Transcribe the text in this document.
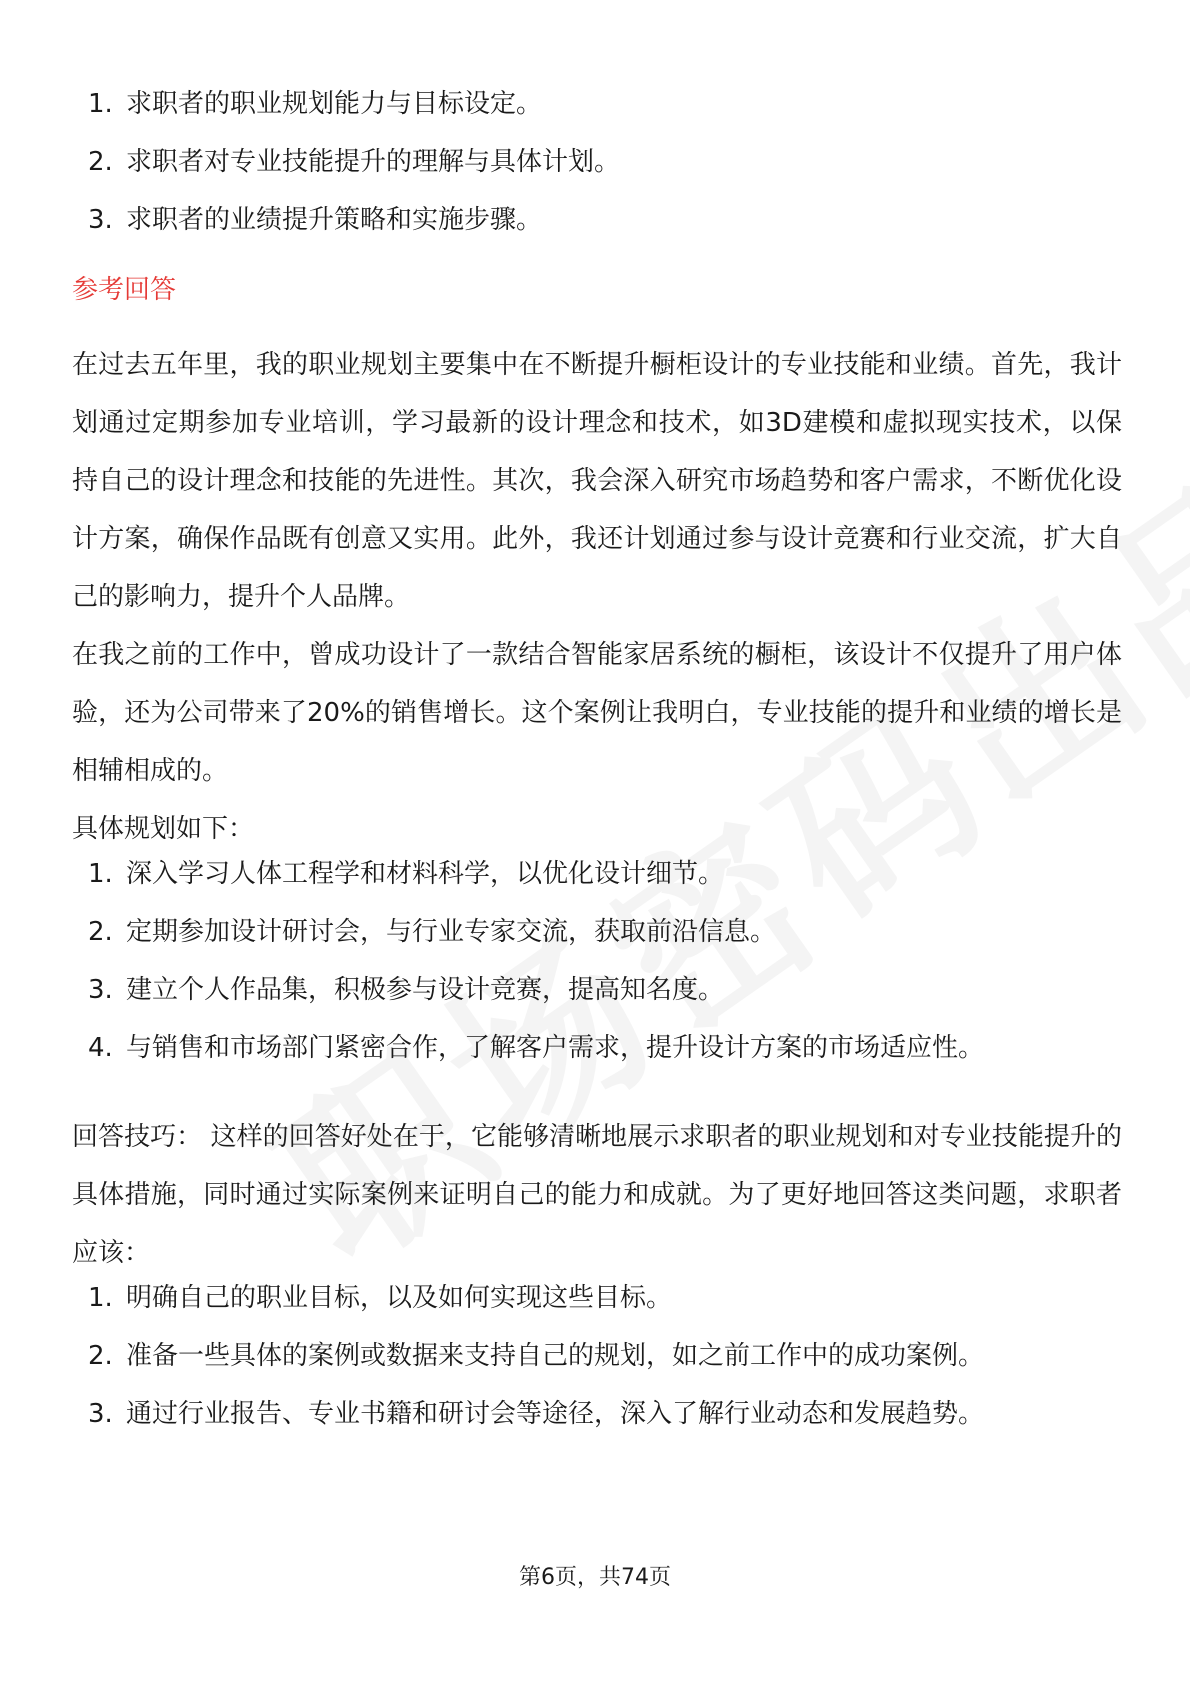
1. 求职者的职业规划能力与目标设定。
2. 求职者对专业技能提升的理解与具体计划。
3. 求职者的业绩提升策略和实施步骤。
参考回答

在过去五年里，我的职业规划主要集中在不断提升橱柜设计的专业技能和业绩。首先，我计划通过定期参加专业培训，学习最新的设计理念和技术，如3D建模和虚拟现实技术，以保持自己的设计理念和技能的先进性。其次，我会深入研究市场趋势和客户需求，不断优化设计方案，确保作品既有创意又实用。此外，我还计划通过参与设计竞赛和行业交流，扩大自己的影响力，提升个人品牌。

在我之前的工作中，曾成功设计了一款结合智能家居系统的橱柜，该设计不仅提升了用户体验，还为公司带来了20%的销售增长。这个案例让我明白，专业技能的提升和业绩的增长是相辅相成的。

具体规划如下：

1. 深入学习人体工程学和材料科学，以优化设计细节。
2. 定期参加设计研讨会，与行业专家交流，获取前沿信息。
3. 建立个人作品集，积极参与设计竞赛，提高知名度。
4. 与销售和市场部门紧密合作，了解客户需求，提升设计方案的市场适应性。

回答技巧： 这样的回答好处在于，它能够清晰地展示求职者的职业规划和对专业技能提升的具体措施，同时通过实际案例来证明自己的能力和成就。为了更好地回答这类问题，求职者应该：

1. 明确自己的职业目标，以及如何实现这些目标。
2. 准备一些具体的案例或数据来支持自己的规划，如之前工作中的成功案例。
3. 通过行业报告、专业书籍和研讨会等途径，深入了解行业动态和发展趋势。
第6页，共74页
